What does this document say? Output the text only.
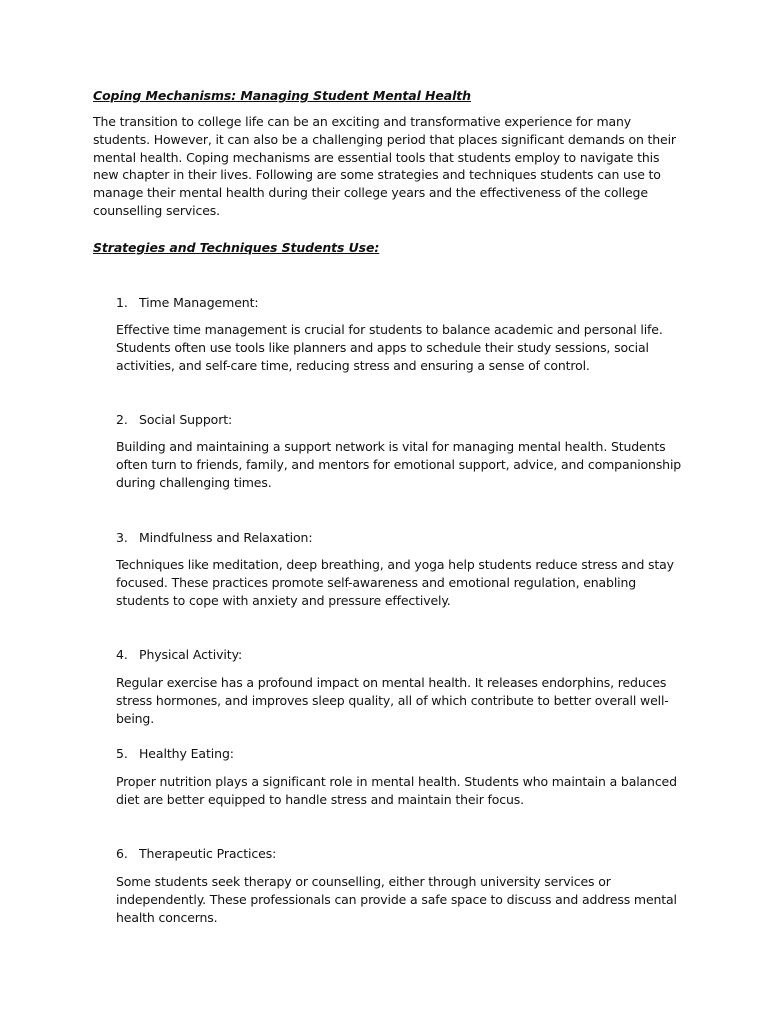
Coping Mechanisms: Managing Student Mental Health
The transition to college life can be an exciting and transformative experience for many students. However, it can also be a challenging period that places significant demands on their mental health. Coping mechanisms are essential tools that students employ to navigate this new chapter in their lives. Following are some strategies and techniques students can use to manage their mental health during their college years and the effectiveness of the college counselling services.
Strategies and Techniques Students Use:
1. Time Management:
Effective time management is crucial for students to balance academic and personal life. Students often use tools like planners and apps to schedule their study sessions, social activities, and self-care time, reducing stress and ensuring a sense of control.
2. Social Support:
Building and maintaining a support network is vital for managing mental health. Students often turn to friends, family, and mentors for emotional support, advice, and companionship during challenging times.
3. Mindfulness and Relaxation:
Techniques like meditation, deep breathing, and yoga help students reduce stress and stay focused. These practices promote self-awareness and emotional regulation, enabling students to cope with anxiety and pressure effectively.
4. Physical Activity:
Regular exercise has a profound impact on mental health. It releases endorphins, reduces stress hormones, and improves sleep quality, all of which contribute to better overall well-being.
5. Healthy Eating:
Proper nutrition plays a significant role in mental health. Students who maintain a balanced diet are better equipped to handle stress and maintain their focus.
6. Therapeutic Practices:
Some students seek therapy or counselling, either through university services or independently. These professionals can provide a safe space to discuss and address mental health concerns.
